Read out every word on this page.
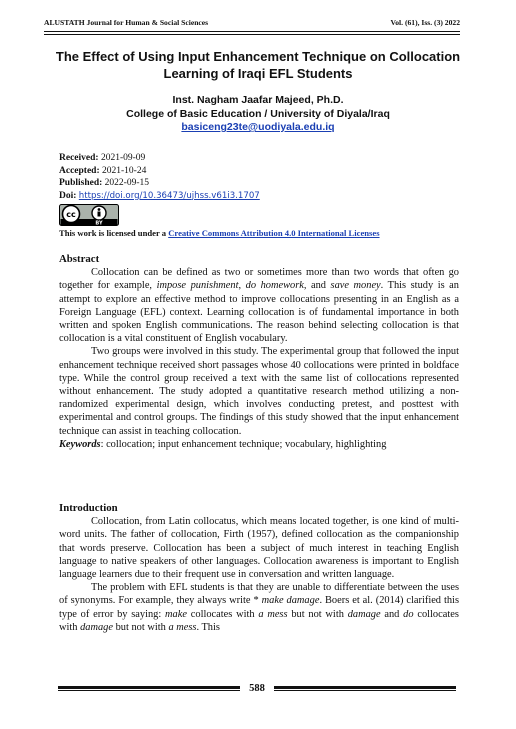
ALUSTATH Journal for Human & Social Sciences	Vol. (61), Iss. (3) 2022
The Effect of Using Input Enhancement Technique on Collocation
Learning of Iraqi EFL Students
Inst. Nagham Jaafar Majeed, Ph.D.
College of Basic Education / University of Diyala/Iraq
basiceng23te@uodiyala.edu.iq
Received: 2021-09-09
Accepted: 2021-10-24
Published: 2022-09-15
Doi: https://doi.org/10.36473/ujhss.v61i3.1707
cc
BY
This work is licensed under a Creative Commons Attribution 4.0 International Licenses
Abstract

Collocation can be defined as two or sometimes more than two words that often go together for example, impose punishment, do homework, and save money. This study is an attempt to explore an effective method to improve collocations presenting in an English as a Foreign Language (EFL) context. Learning collocation is of fundamental importance in both written and spoken English communications. The reason behind selecting collocation is that collocation is a vital constituent of English vocabulary.

Two groups were involved in this study. The experimental group that followed the input enhancement technique received short passages whose 40 collocations were printed in boldface type. While the control group received a text with the same list of collocations represented without enhancement. The study adopted a quantitative research method utilizing a non- randomized experimental design, which involves conducting pretest, and posttest with experimental and control groups. The findings of this study showed that the input enhancement technique can assist in teaching collocation.

Keywords: collocation; input enhancement technique; vocabulary, highlighting
Introduction

Collocation, from Latin collocatus, which means located together, is one kind of multi-word units. The father of collocation, Firth (1957), defined collocation as the companionship that words preserve. Collocation has been a subject of much interest in teaching English language to native speakers of other languages. Collocation awareness is important to English language learners due to their frequent use in conversation and written language.

The problem with EFL students is that they are unable to differentiate between the uses of synonyms. For example, they always write * make damage. Boers et al. (2014) clarified this type of error by saying: make collocates with a mess but not with damage and do collocates with damage but not with a mess. This

588
